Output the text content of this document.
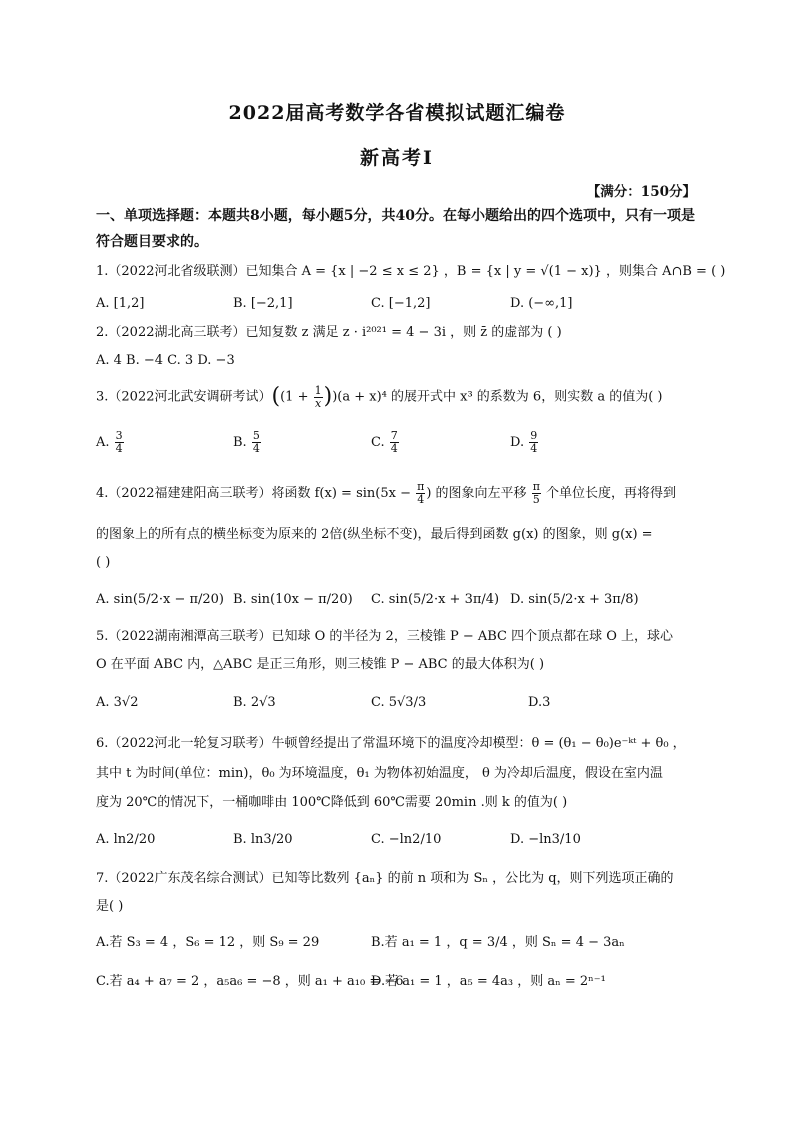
2022届高考数学各省模拟试题汇编卷
新高考Ⅰ
【满分：150分】
一、单项选择题：本题共8小题，每小题5分，共40分。在每小题给出的四个选项中，只有一项是符合题目要求的。
1.（2022河北省级联测）已知集合 A = {x | −2 ≤ x ≤ 2} ，B = {x | y = √(1 − x)} ，则集合 A∩B = ( )
A. [1,2]	B. [−2,1]	C. [−1,2]	D. (−∞,1]
2.（2022湖北高三联考）已知复数 z 满足 z · i²⁰²¹ = 4 − 3i ，则 z̄ 的虚部为 ( )
A. 4 B. −4 C. 3 D. −3
3.（2022河北武安调研考试）$((1 + \frac{1}{x} ))(a + x)^4$ 的展开式中 x³ 的系数为 6，则实数 a 的值为( )
A. $\frac{3}{4}$	B. $\frac{5}{4}$	C. $\frac{7}{4}$	D. $\frac{9}{4}$
4.（2022福建建阳高三联考）将函数 $f(x) = \sin(5x - \frac{\pi}{4}$ ) 的图象向左平移 $\frac{\pi}{5}$ 个单位长度，再将得到
的图象上的所有点的横坐标变为原来的 2倍(纵坐标不变)，最后得到函数 g(x) 的图象，则 g(x) =
( )
A. sin(5/2·x − π/20) B. sin(10x − π/20) C. sin(5/2·x + 3π/4) D. sin(5/2·x + 3π/8)
5.（2022湖南湘潭高三联考）已知球 O 的半径为 2，三棱锥 P − ABC 四个顶点都在球 O 上，球心
O 在平面 ABC 内，△ABC 是正三角形，则三棱锥 P − ABC 的最大体积为( )
A. 3√2	B. 2√3	C. 5√3/3	D.3
6.（2022河北一轮复习联考）牛顿曾经提出了常温环境下的温度冷却模型：θ = (θ₁ − θ₀)e⁻ᵏᵗ + θ₀ ，
其中 t 为时间(单位：min)，θ₀ 为环境温度，θ₁ 为物体初始温度， θ 为冷却后温度，假设在室内温
度为 20℃的情况下，一桶咖啡由 100℃降低到 60℃需要 20min .则 k 的值为( )
A. ln2/20	B. ln3/20	C. −ln2/10	D. −ln3/10
7.（2022广东茂名综合测试）已知等比数列 {aₙ} 的前 n 项和为 Sₙ ，公比为 q，则下列选项正确的
是( )
A.若 S₃ = 4 ，S₆ = 12 ，则 S₉ = 29	B.若 a₁ = 1 ，q = 3/4 ，则 Sₙ = 4 − 3aₙ
C.若 a₄ + a₇ = 2 ，a₅a₆ = −8 ，则 a₁ + a₁₀ = −6
D.若 a₁ = 1 ，a₅ = 4a₃ ，则 aₙ = 2ⁿ⁻¹
